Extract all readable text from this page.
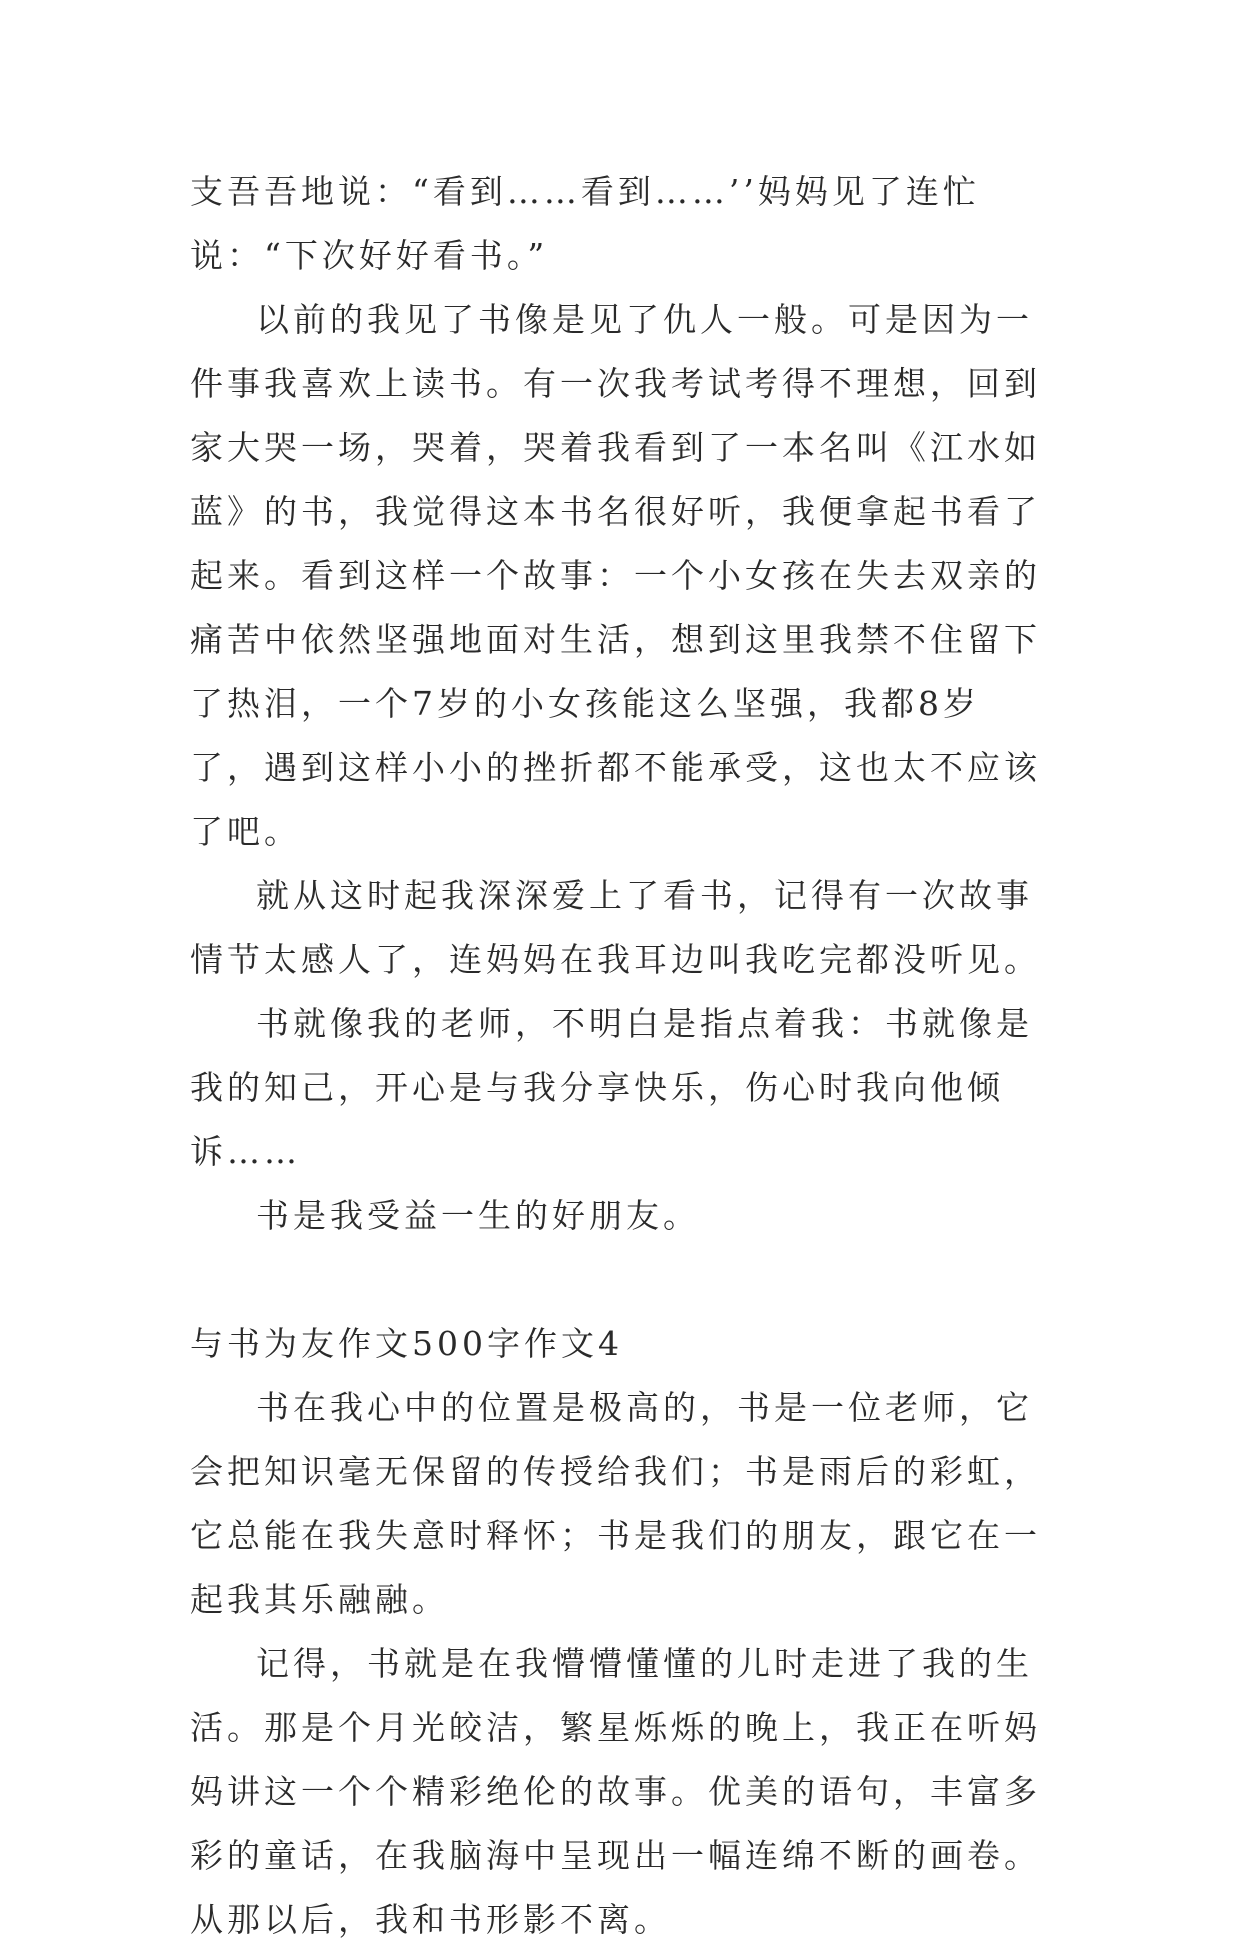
支吾吾地说：“看到……看到……’’妈妈见了连忙说：“下次好好看书。”

以前的我见了书像是见了仇人一般。可是因为一件事我喜欢上读书。有一次我考试考得不理想，回到家大哭一场，哭着，哭着我看到了一本名叫《江水如蓝》的书，我觉得这本书名很好听，我便拿起书看了起来。看到这样一个故事：一个小女孩在失去双亲的痛苦中依然坚强地面对生活，想到这里我禁不住留下了热泪，一个7岁的小女孩能这么坚强，我都8岁了，遇到这样小小的挫折都不能承受，这也太不应该了吧。

就从这时起我深深爱上了看书，记得有一次故事情节太感人了，连妈妈在我耳边叫我吃完都没听见。

书就像我的老师，不明白是指点着我：书就像是我的知己，开心是与我分享快乐，伤心时我向他倾诉……

书是我受益一生的好朋友。

与书为友作文500字作文4

书在我心中的位置是极高的，书是一位老师，它会把知识毫无保留的传授给我们；书是雨后的彩虹，它总能在我失意时释怀；书是我们的朋友，跟它在一起我其乐融融。

记得，书就是在我懵懵懂懂的儿时走进了我的生活。那是个月光皎洁，繁星烁烁的晚上，我正在听妈妈讲这一个个精彩绝伦的故事。优美的语句，丰富多彩的童话，在我脑海中呈现出一幅连绵不断的画卷。从那以后，我和书形影不离。
